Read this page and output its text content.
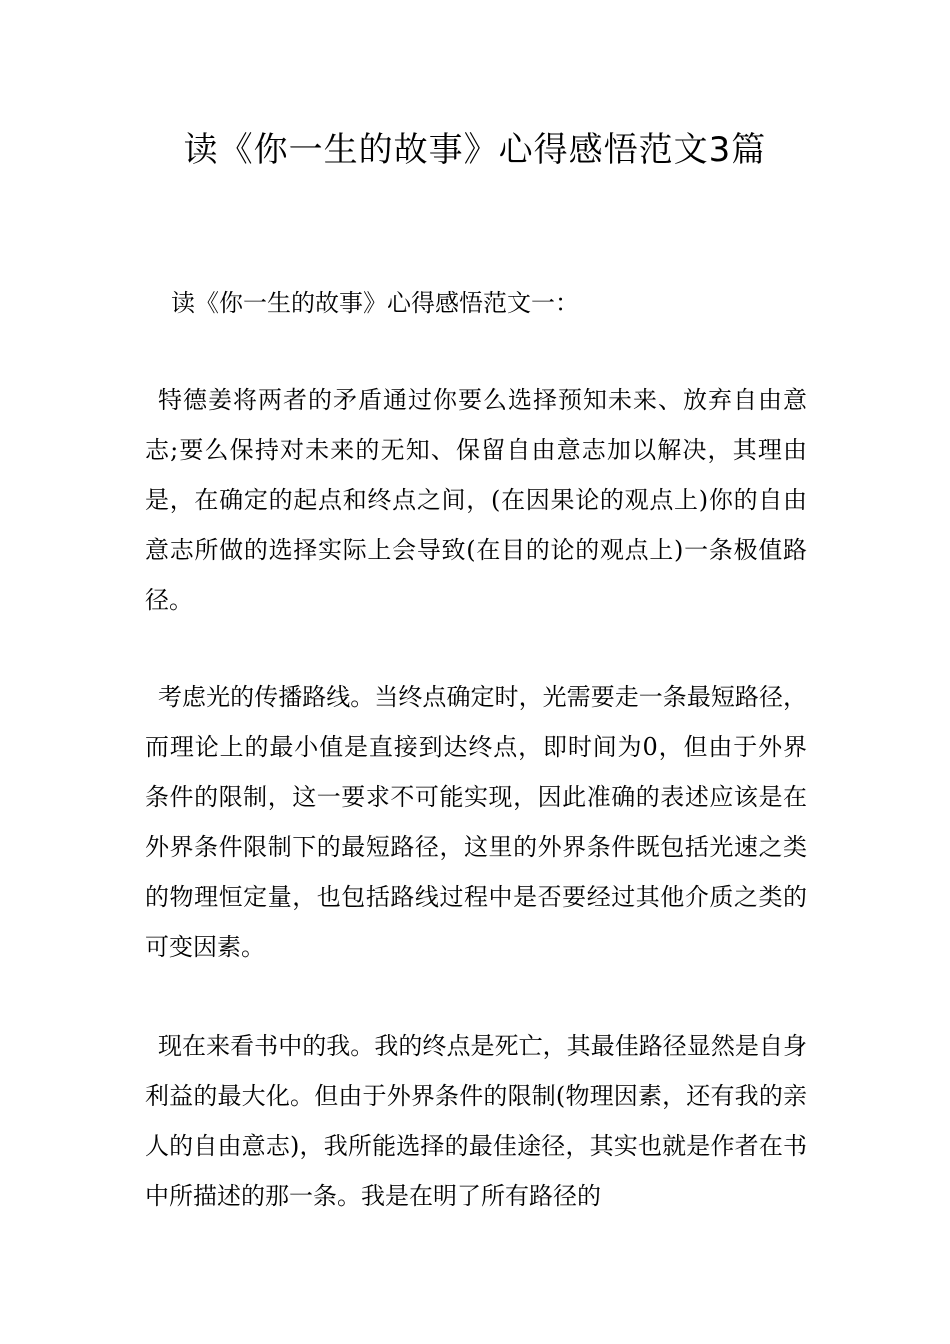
读《你一生的故事》心得感悟范文3篇

读《你一生的故事》心得感悟范文一：

特德姜将两者的矛盾通过你要么选择预知未来、放弃自由意志;要么保持对未来的无知、保留自由意志加以解决，其理由是，在确定的起点和终点之间，(在因果论的观点上)你的自由意志所做的选择实际上会导致(在目的论的观点上)一条极值路径。

考虑光的传播路线。当终点确定时，光需要走一条最短路径，而理论上的最小值是直接到达终点，即时间为0，但由于外界条件的限制，这一要求不可能实现，因此准确的表述应该是在外界条件限制下的最短路径，这里的外界条件既包括光速之类的物理恒定量，也包括路线过程中是否要经过其他介质之类的可变因素。

现在来看书中的我。我的终点是死亡，其最佳路径显然是自身利益的最大化。但由于外界条件的限制(物理因素，还有我的亲人的自由意志)，我所能选择的最佳途径，其实也就是作者在书中所描述的那一条。我是在明了所有路径的
